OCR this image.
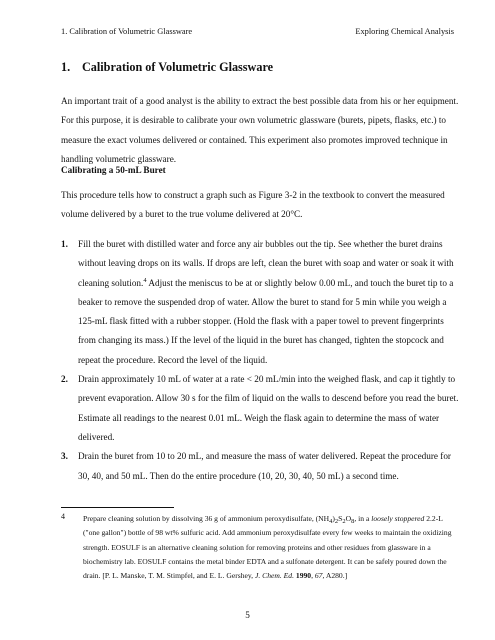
1. Calibration of Volumetric Glassware	Exploring Chemical Analysis
1. Calibration of Volumetric Glassware

An important trait of a good analyst is the ability to extract the best possible data from his or her equipment. For this purpose, it is desirable to calibrate your own volumetric glassware (burets, pipets, flasks, etc.) to measure the exact volumes delivered or contained. This experiment also promotes improved technique in handling volumetric glassware.

Calibrating a 50-mL Buret

This procedure tells how to construct a graph such as Figure 3-2 in the textbook to convert the measured volume delivered by a buret to the true volume delivered at 20°C.

1. Fill the buret with distilled water and force any air bubbles out the tip. See whether the buret drains without leaving drops on its walls. If drops are left, clean the buret with soap and water or soak it with cleaning solution.$^4$ Adjust the meniscus to be at or slightly below 0.00 mL, and touch the buret tip to a beaker to remove the suspended drop of water. Allow the buret to stand for 5 min while you weigh a 125-mL flask fitted with a rubber stopper. (Hold the flask with a paper towel to prevent fingerprints from changing its mass.) If the level of the liquid in the buret has changed, tighten the stopcock and repeat the procedure. Record the level of the liquid.
2. Drain approximately 10 mL of water at a rate < 20 mL/min into the weighed flask, and cap it tightly to prevent evaporation. Allow 30 s for the film of liquid on the walls to descend before you read the buret. Estimate all readings to the nearest 0.01 mL. Weigh the flask again to determine the mass of water delivered.
3. Drain the buret from 10 to 20 mL, and measure the mass of water delivered. Repeat the procedure for 30, 40, and 50 mL. Then do the entire procedure (10, 20, 30, 40, 50 mL) a second time.
4 Prepare cleaning solution by dissolving 36 g of ammonium peroxydisulfate, $(NH_4)_2S_2O_8$, in a loosely stoppered 2.2-L ("one gallon") bottle of 98 wt% sulfuric acid. Add ammonium peroxydisulfate every few weeks to maintain the oxidizing strength. EOSULF is an alternative cleaning solution for removing proteins and other residues from glassware in a biochemistry lab. EOSULF contains the metal binder EDTA and a sulfonate detergent. It can be safely poured down the drain. [P. L. Manske, T. M. Stimpfel, and E. L. Gershey, J. Chem. Ed. 1990, 67, A280.]
5
